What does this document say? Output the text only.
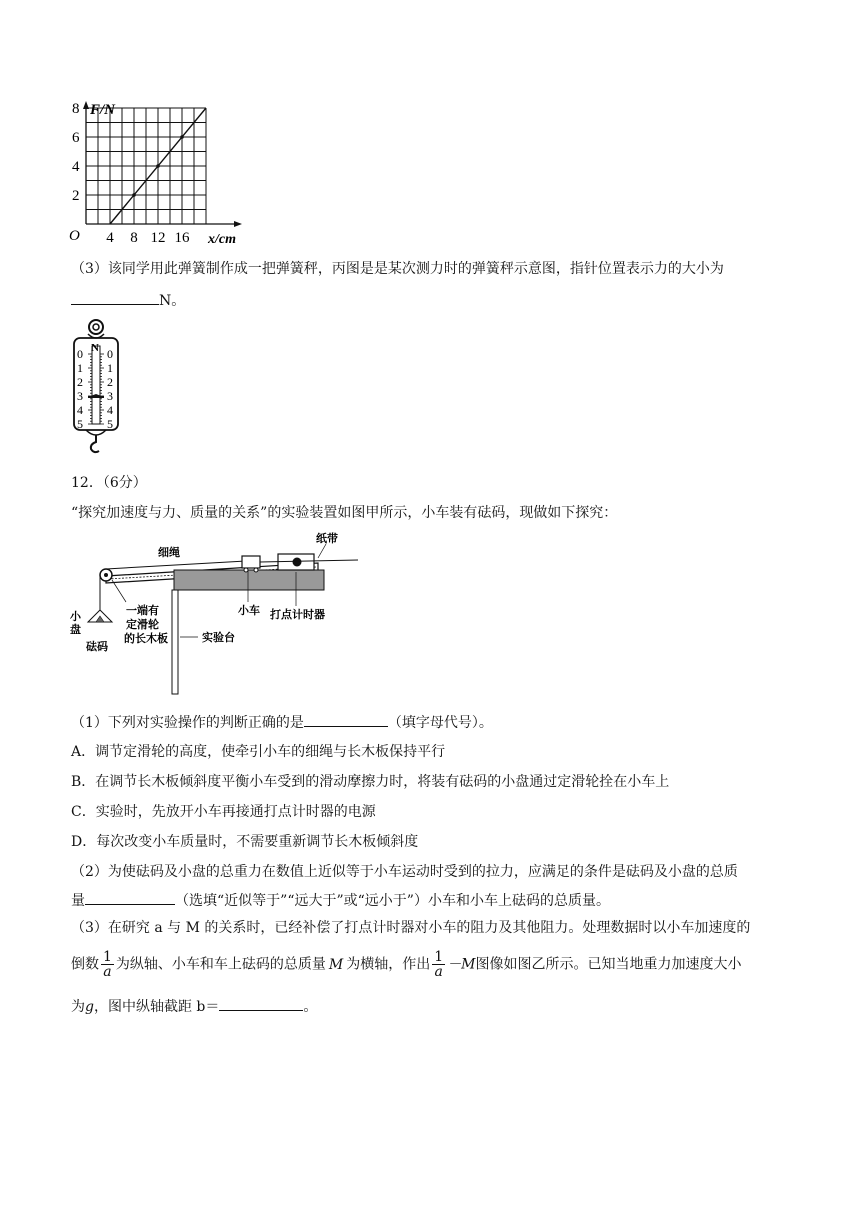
F/N
O	x/cm
2
4
6
8
4 8 12 16
（3）该同学用此弹簧制作成一把弹簧秤，丙图是是某次测力时的弹簧秤示意图，指针位置表示力的大小为
N。
N
0
1
2
3
4
5
0
1
2
3
4
5
12．（6分）
“探究加速度与力、质量的关系”的实验装置如图甲所示，小车装有砝码，现做如下探究：
细绳
纸带
小车 打点计时器
实验台
小
盘
砝码
一端有
定滑轮
的长木板
（1）下列对实验操作的判断正确的是	（填字母代号）。
A．调节定滑轮的高度，使牵引小车的细绳与长木板保持平行
B．在调节长木板倾斜度平衡小车受到的滑动摩擦力时，将装有砝码的小盘通过定滑轮拴在小车上
C．实验时，先放开小车再接通打点计时器的电源
D．每次改变小车质量时，不需要重新调节长木板倾斜度
（2）为使砝码及小盘的总重力在数值上近似等于小车运动时受到的拉力，应满足的条件是砝码及小盘的总质
量	（选填“近似等于”“远大于”或“远小于”）小车和小车上砝码的总质量。
（3）在研究 a 与 M 的关系时，已经补偿了打点计时器对小车的阻力及其他阻力。处理数据时以小车加速度的
倒数 $\frac{1}{a}$ 为纵轴、小车和车上砝码的总质量 M 为横轴，作出 $\frac{1}{a} -M$图像如图乙所示。已知当地重力加速度大小
为g，图中纵轴截距 b＝	。
